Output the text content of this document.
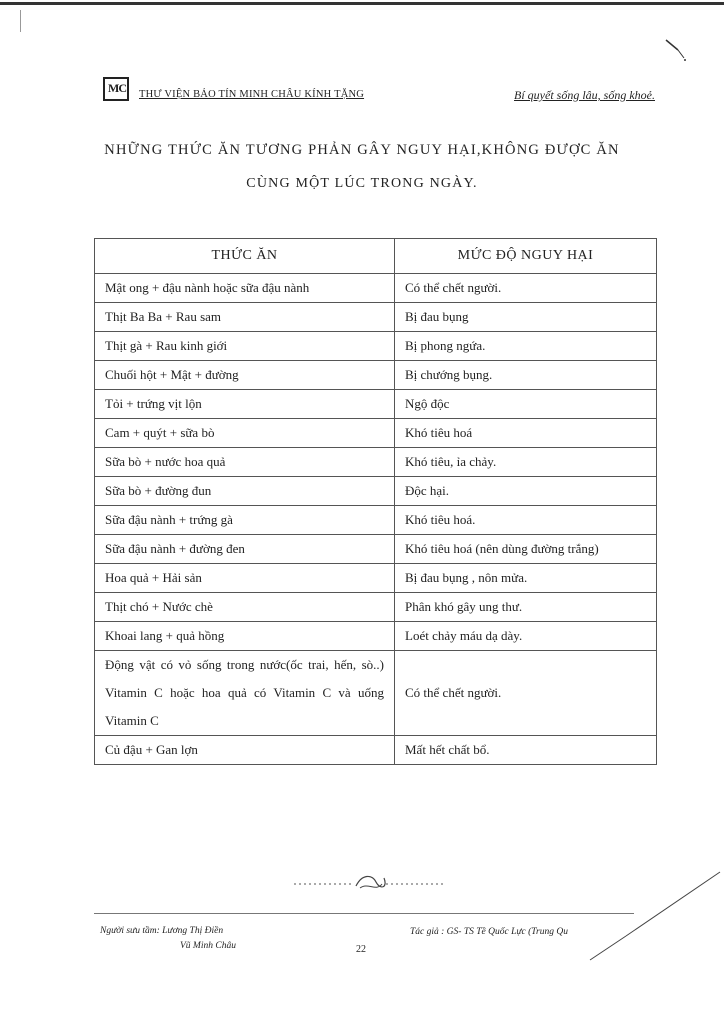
MC THƯ VIỆN BẢO TÍN MINH CHÂU KÍNH TẶNG	Bí quyết sống lâu, sống khoẻ.
NHỮNG THỨC ĂN TƯƠNG PHẢN GÂY NGUY HẠI,KHÔNG ĐƯỢC ĂN
CÙNG MỘT LÚC TRONG NGÀY.
THỨC ĂN	MỨC ĐỘ NGUY HẠI
Mật ong + đậu nành hoặc sữa đậu nành	Có thể chết người.
Thịt Ba Ba + Rau sam	Bị đau bụng
Thịt gà + Rau kinh giới	Bị phong ngứa.
Chuối hột + Mật + đường	Bị chướng bụng.
Tỏi + trứng vịt lộn	Ngộ độc
Cam + quýt + sữa bò	Khó tiêu hoá
Sữa bò + nước hoa quả	Khó tiêu, ỉa chảy.
Sữa bò + đường đun	Độc hại.
Sữa đậu nành + trứng gà	Khó tiêu hoá.
Sữa đậu nành + đường đen	Khó tiêu hoá (nên dùng đường trắng)
Hoa quả + Hải sản	Bị đau bụng , nôn mửa.
Thịt chó + Nước chè	Phân khó gây ung thư.
Khoai lang + quả hồng	Loét chảy máu dạ dày.
Động vật có vỏ sống trong nước(ốc trai, hến, sò..) Vitamin C hoặc hoa quả có Vitamin C và uống Vitamin C	Có thể chết người.
Củ đậu + Gan lợn	Mất hết chất bổ.
Người sưu tầm: Lương Thị Điền
Vũ Minh Châu	22
Tác giả : GS- TS Tề Quốc Lực (Trung Qu
